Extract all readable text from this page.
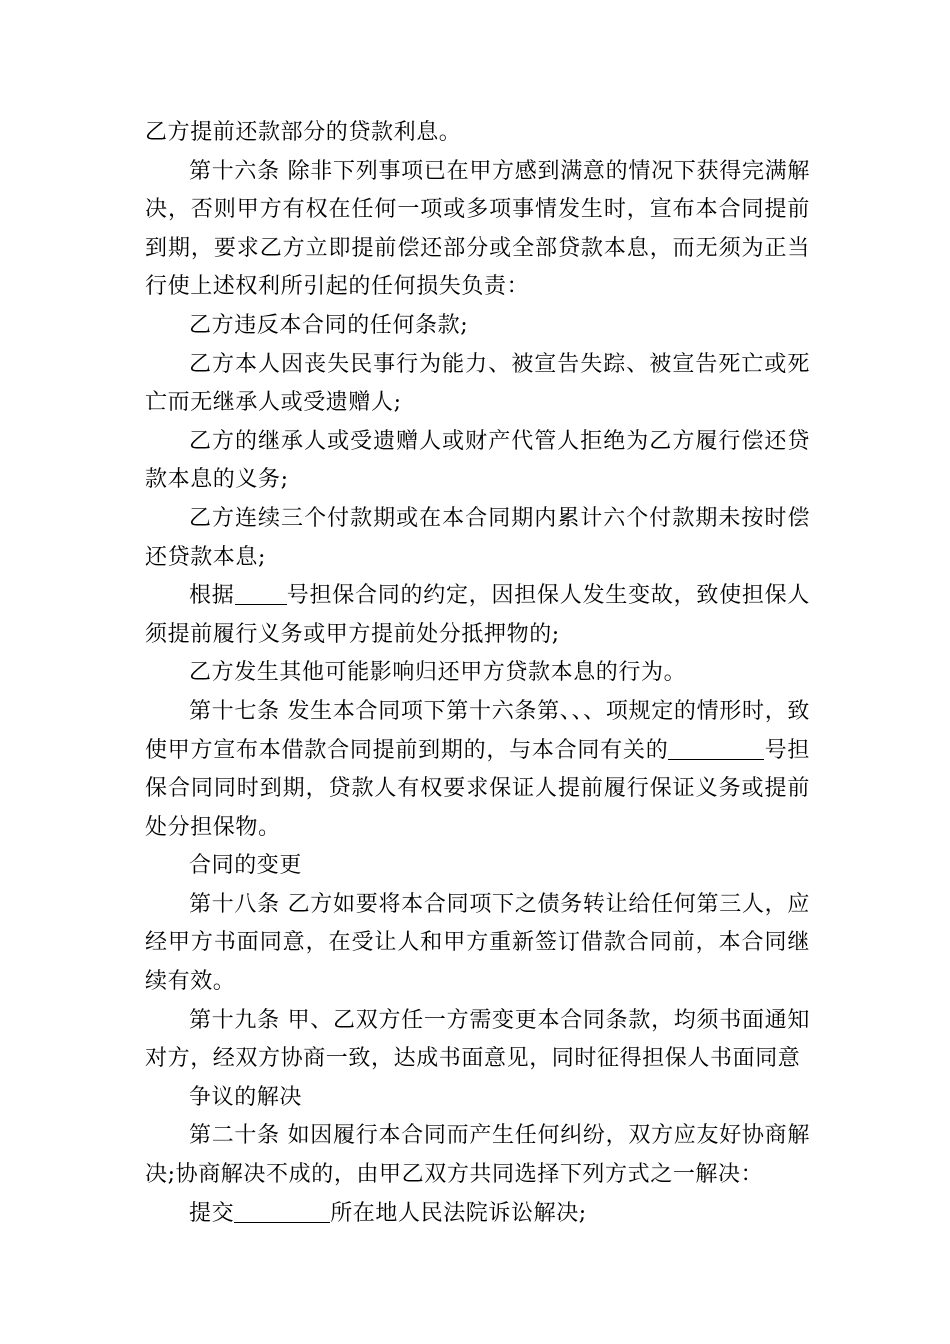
乙方提前还款部分的贷款利息。

第十六条 除非下列事项已在甲方感到满意的情况下获得完满解决，否则甲方有权在任何一项或多项事情发生时，宣布本合同提前到期，要求乙方立即提前偿还部分或全部贷款本息，而无须为正当行使上述权利所引起的任何损失负责：

乙方违反本合同的任何条款;

乙方本人因丧失民事行为能力、被宣告失踪、被宣告死亡或死亡而无继承人或受遗赠人;

乙方的继承人或受遗赠人或财产代管人拒绝为乙方履行偿还贷款本息的义务;

乙方连续三个付款期或在本合同期内累计六个付款期未按时偿还贷款本息;

根据 号担保合同的约定，因担保人发生变故，致使担保人须提前履行义务或甲方提前处分抵押物的;

乙方发生其他可能影响归还甲方贷款本息的行为。

第十七条 发生本合同项下第十六条第、、、项规定的情形时，致使甲方宣布本借款合同提前到期的，与本合同有关的	号担保合同同时到期，贷款人有权要求保证人提前履行保证义务或提前处分担保物。

合同的变更

第十八条 乙方如要将本合同项下之债务转让给任何第三人，应经甲方书面同意，在受让人和甲方重新签订借款合同前，本合同继续有效。

第十九条 甲、乙双方任一方需变更本合同条款，均须书面通知对方，经双方协商一致，达成书面意见，同时征得担保人书面同意

争议的解决

第二十条 如因履行本合同而产生任何纠纷，双方应友好协商解决;协商解决不成的，由甲乙双方共同选择下列方式之一解决：

提交	所在地人民法院诉讼解决;
